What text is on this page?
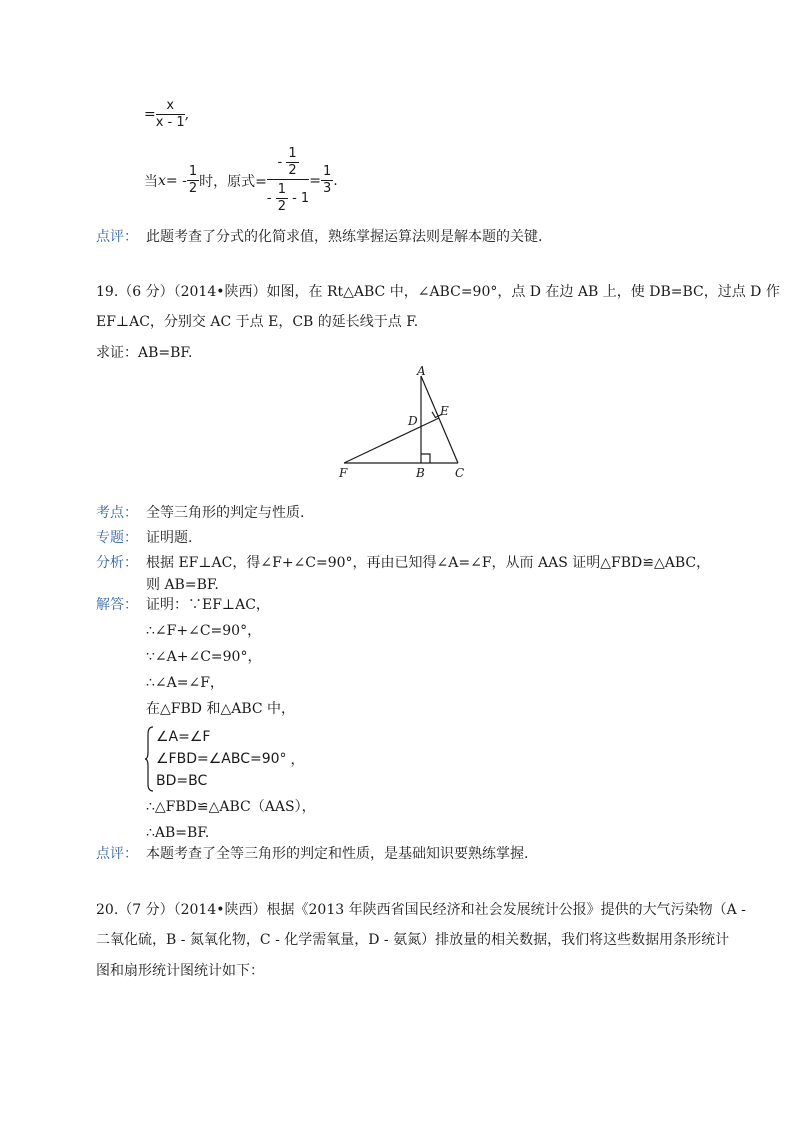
= $\frac{x}{x - 1}$ ,
当 x = - $\frac{1}{2}$ 时，原式= $\frac{- \frac{1}{2}}{- \frac{1}{2} - 1} = \frac{1}{3}$ .
点评： 此题考查了分式的化简求值，熟练掌握运算法则是解本题的关键.
19.（6 分）（2014•陕西）如图，在 Rt△ABC 中，∠ABC=90°，点 D 在边 AB 上，使 DB=BC，过点 D 作
EF⊥AC，分别交 AC 于点 E，CB 的延长线于点 F.
求证：AB=BF.
A
B	C
D
E
F
考点： 全等三角形的判定与性质.
专题： 证明题.
分析： 根据 EF⊥AC，得∠F+∠C=90°，再由已知得∠A=∠F，从而 AAS 证明△FBD≌△ABC，
则 AB=BF.
解答： 证明：∵EF⊥AC，
∴∠F+∠C=90°，
∵∠A+∠C=90°，
∴∠A=∠F，
在△FBD 和△ABC 中，
∠A=∠F
∠FBD=∠ABC=90°
BD=BC
，
∴△FBD≌△ABC（AAS），
∴AB=BF.
点评： 本题考查了全等三角形的判定和性质，是基础知识要熟练掌握.
20.（7 分）（2014•陕西）根据《2013 年陕西省国民经济和社会发展统计公报》提供的大气污染物（A -
二氧化硫，B - 氮氧化物，C - 化学需氧量，D - 氨氮）排放量的相关数据，我们将这些数据用条形统计
图和扇形统计图统计如下：
